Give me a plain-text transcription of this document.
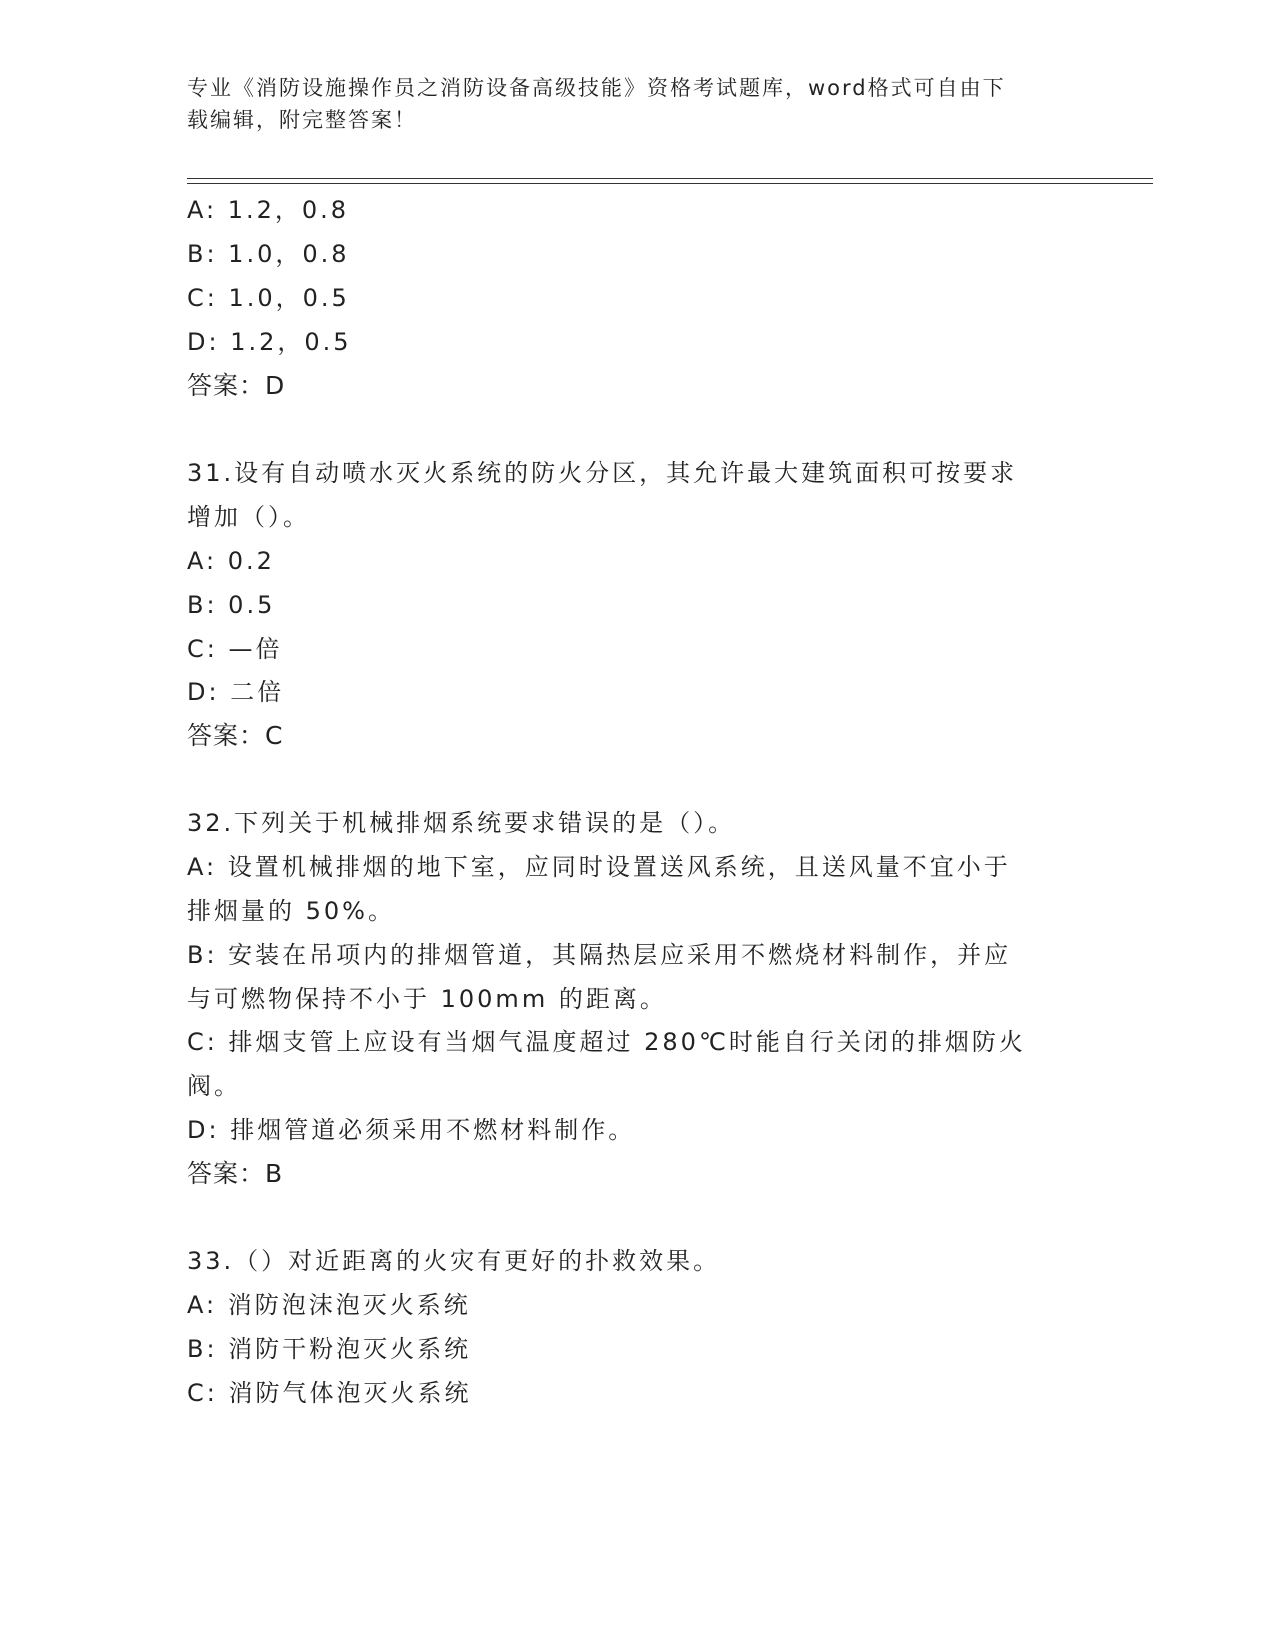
专业《消防设施操作员之消防设备高级技能》资格考试题库，word格式可自由下
载编辑，附完整答案！
A: 1.2，0.8
B: 1.0，0.8
C: 1.0，0.5
D: 1.2，0.5
答案：D
31.设有自动喷水灭火系统的防火分区，其允许最大建筑面积可按要求
增加（）。
A: 0.2
B: 0.5
C: —倍
D: 二倍
答案：C
32.下列关于机械排烟系统要求错误的是（）。
A: 设置机械排烟的地下室，应同时设置送风系统，且送风量不宜小于
排烟量的 50%。
B: 安装在吊项内的排烟管道，其隔热层应采用不燃烧材料制作，并应
与可燃物保持不小于 100mm 的距离。
C: 排烟支管上应设有当烟气温度超过 280℃时能自行关闭的排烟防火
阀。
D: 排烟管道必须采用不燃材料制作。
答案：B
33.（）对近距离的火灾有更好的扑救效果。
A: 消防泡沫泡灭火系统
B: 消防干粉泡灭火系统
C: 消防气体泡灭火系统
